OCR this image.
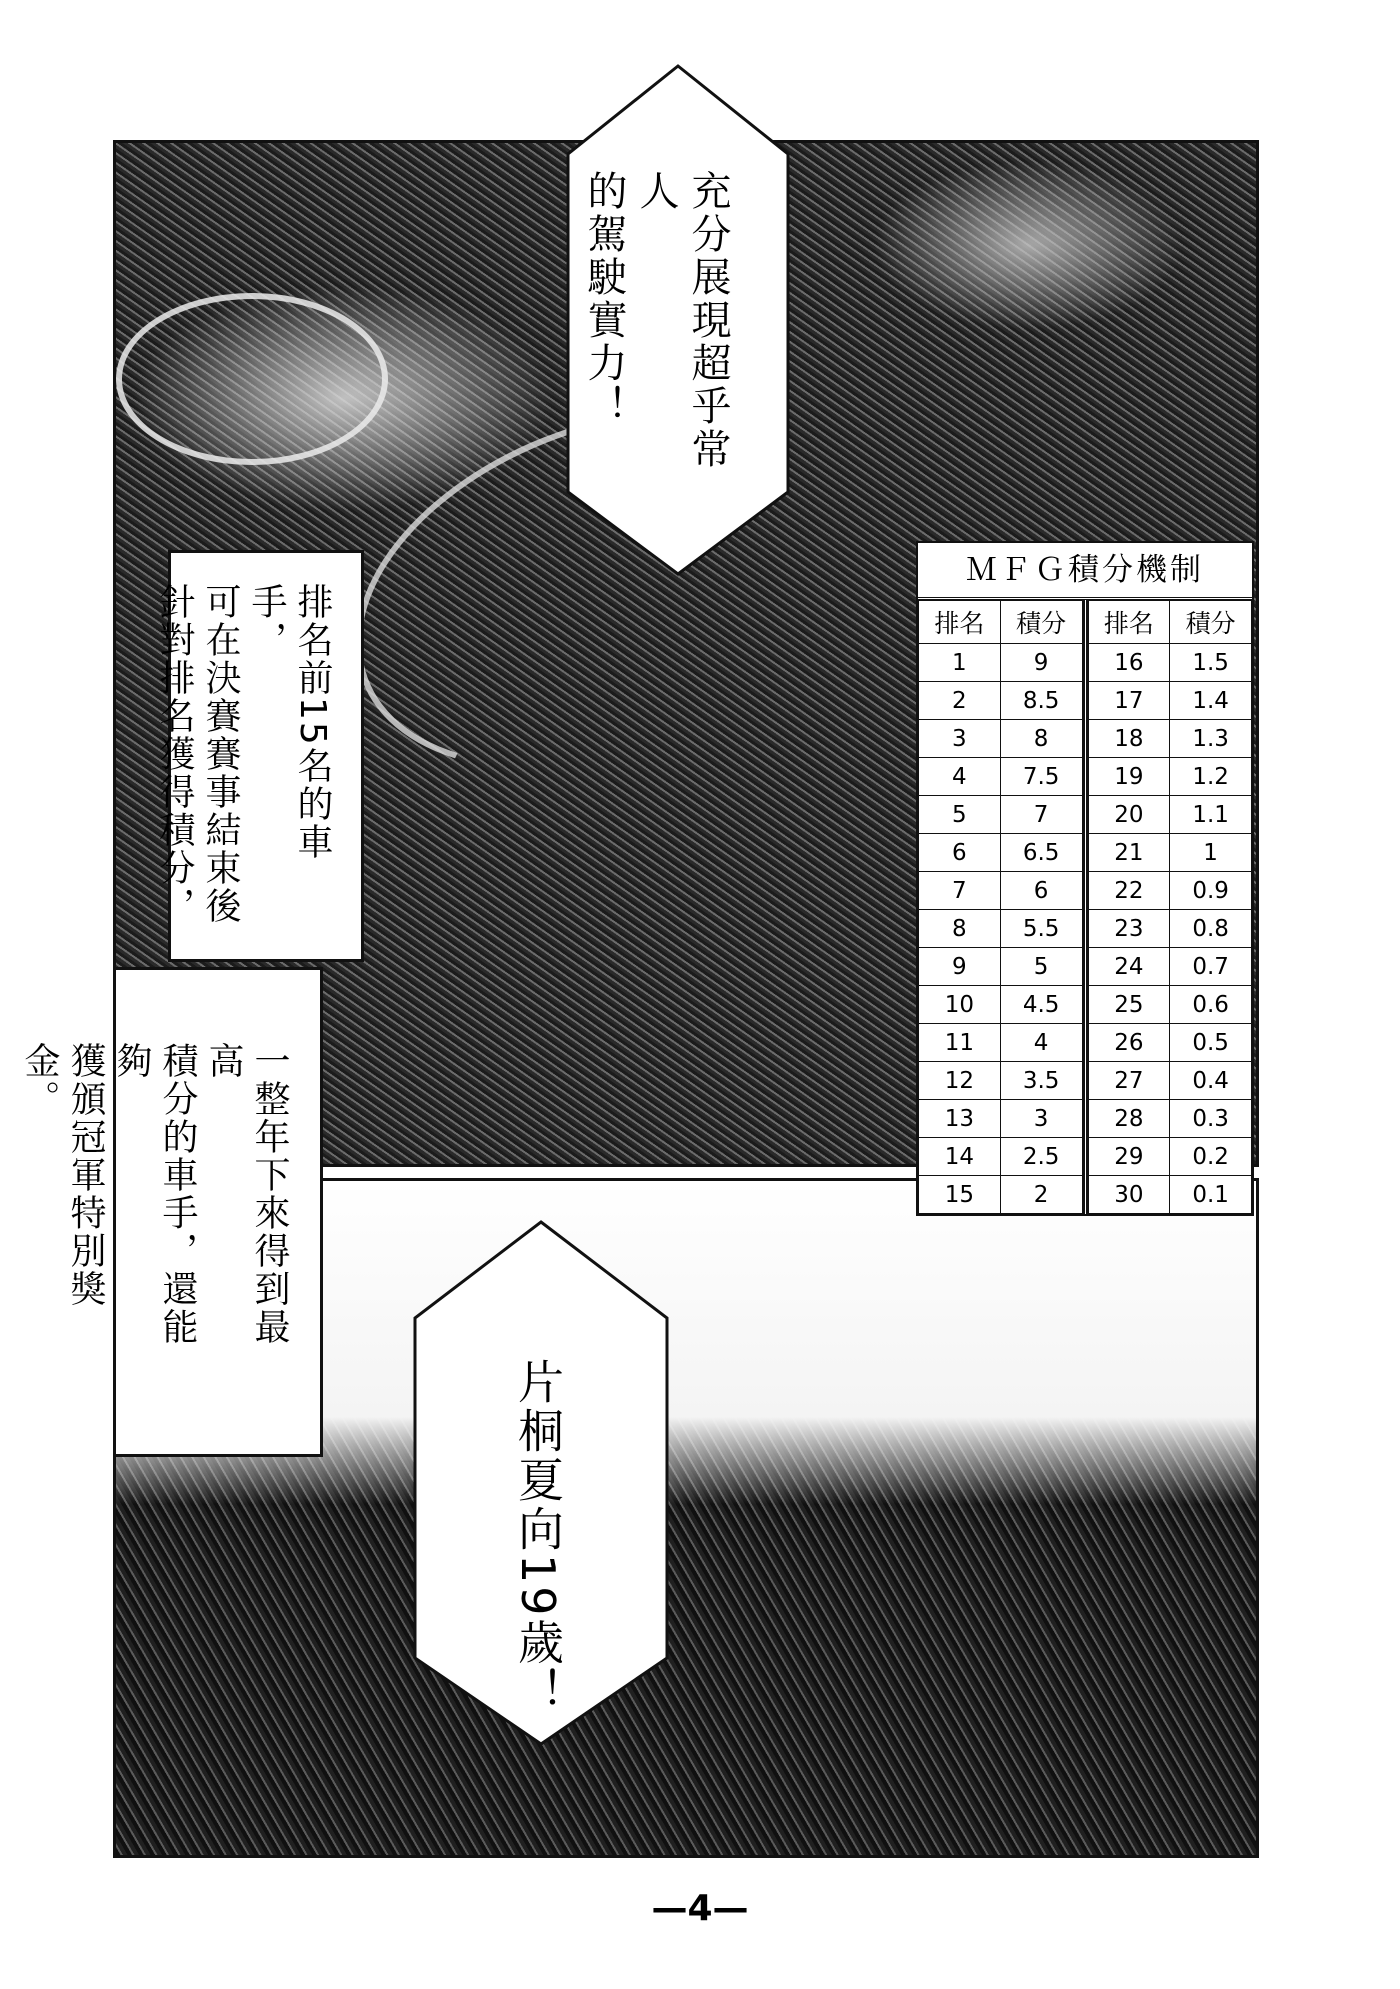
充分展現超乎常人
的駕駛實力！
排名前15名的車手，
可在決賽賽事結束後
針對排名獲得積分，
一整年下來得到最高
積分的車手，還能夠
獲頒冠軍特別獎金。
ＭＦＧ積分機制
排名	積分
1	9
2	8.5
3	8
4	7.5
5	7
6	6.5
7	6
8	5.5
9	5
10	4.5
11	4
12	3.5
13	3
14	2.5
15	2
排名	積分
16	1.5
17	1.4
18	1.3
19	1.2
20	1.1
21	1
22	0.9
23	0.8
24	0.7
25	0.6
26	0.5
27	0.4
28	0.3
29	0.2
30	0.1
片桐夏向19歲！
—4—
